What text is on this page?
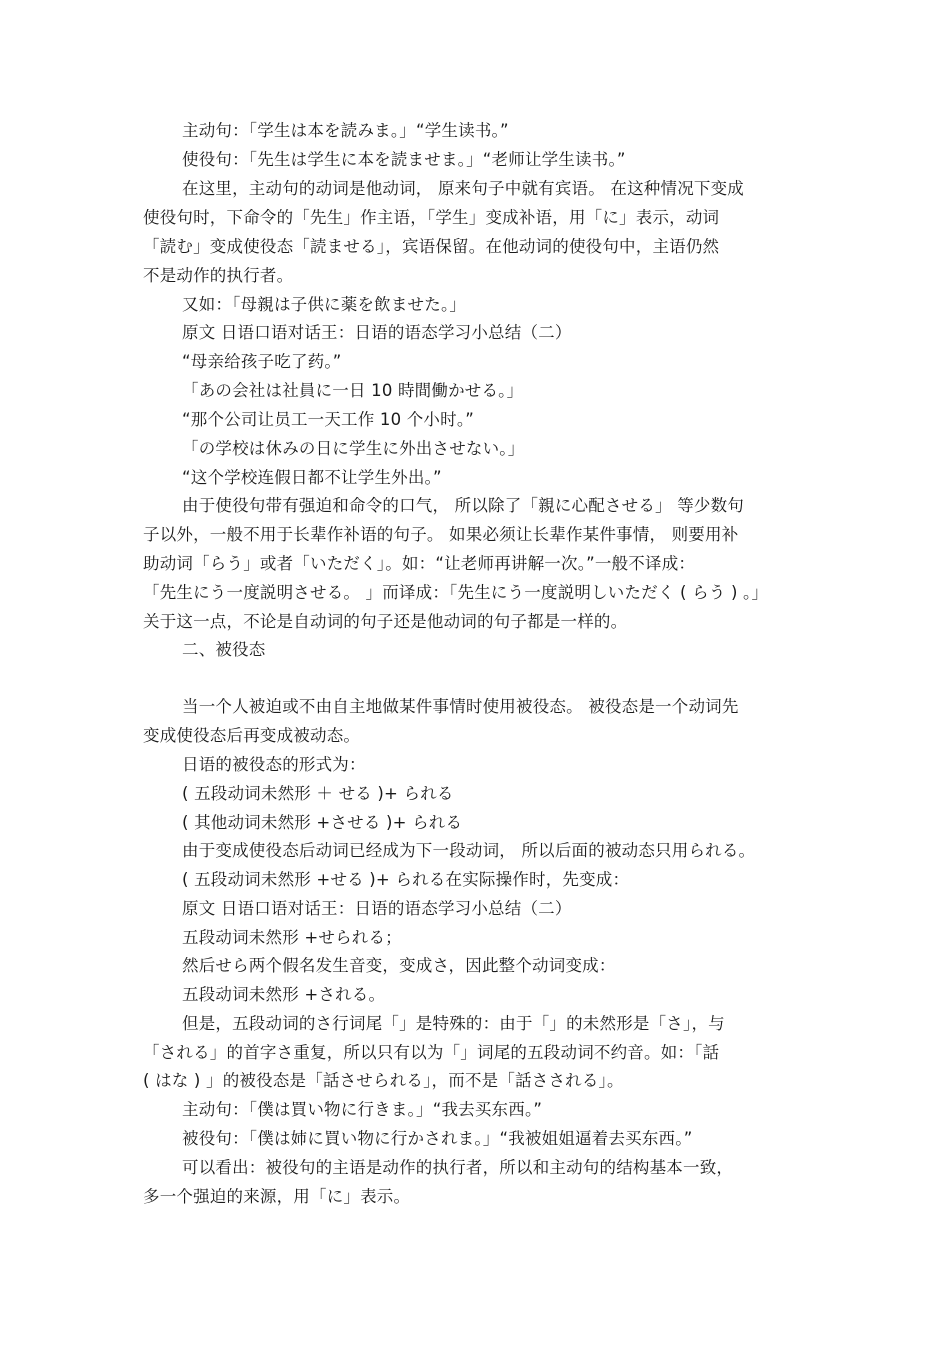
主动句：「学生は本を読みま。」“学生读书。”
使役句：「先生は学生に本を読ませま。」“老师让学生读书。”
在这里，主动句的动词是他动词， 原来句子中就有宾语。 在这种情况下变成
使役句时，下命令的「先生」作主语，「学生」变成补语，用「に」表示，动词
「読む」变成使役态「読ませる」，宾语保留。在他动词的使役句中，主语仍然
不是动作的执行者。
又如：「母親は子供に薬を飲ませた。」
原文 日语口语对话王：日语的语态学习小总结（二）
“母亲给孩子吃了药。”
「あの会社は社員に一日 10 時間働かせる。」
“那个公司让员工一天工作 10 个小时。”
「の学校は休みの日に学生に外出させない。」
“这个学校连假日都不让学生外出。”
由于使役句带有强迫和命令的口气， 所以除了「親に心配させる」 等少数句
子以外，一般不用于长辈作补语的句子。 如果必须让长辈作某件事情， 则要用补
助动词「らう」或者「いただく」。如：“让老师再讲解一次。”一般不译成：
「先生にう一度説明させる。 」而译成：「先生にう一度説明しいただく ( らう ) 。」
关于这一点，不论是自动词的句子还是他动词的句子都是一样的。
二、被役态
当一个人被迫或不由自主地做某件事情时使用被役态。 被役态是一个动词先
变成使役态后再变成被动态。
日语的被役态的形式为：
( 五段动词未然形 ＋ せる )+ られる
( 其他动词未然形 +させる )+ られる
由于变成使役态后动词已经成为下一段动词， 所以后面的被动态只用られる。
( 五段动词未然形 +せる )+ られる在实际操作时，先变成：
原文 日语口语对话王：日语的语态学习小总结（二）
五段动词未然形 +せられる；
然后せら两个假名发生音变，变成さ，因此整个动词变成：
五段动词未然形 +される。
但是，五段动词的さ行词尾「」是特殊的：由于「」的未然形是「さ」，与
「される」的首字さ重复，所以只有以为「」词尾的五段动词不约音。如：「話
( はな ) 」的被役态是「話させられる」，而不是「話さされる」。
主动句：「僕は買い物に行きま。」“我去买东西。”
被役句：「僕は姉に買い物に行かされま。」“我被姐姐逼着去买东西。”
可以看出：被役句的主语是动作的执行者，所以和主动句的结构基本一致，
多一个强迫的来源，用「に」表示。
